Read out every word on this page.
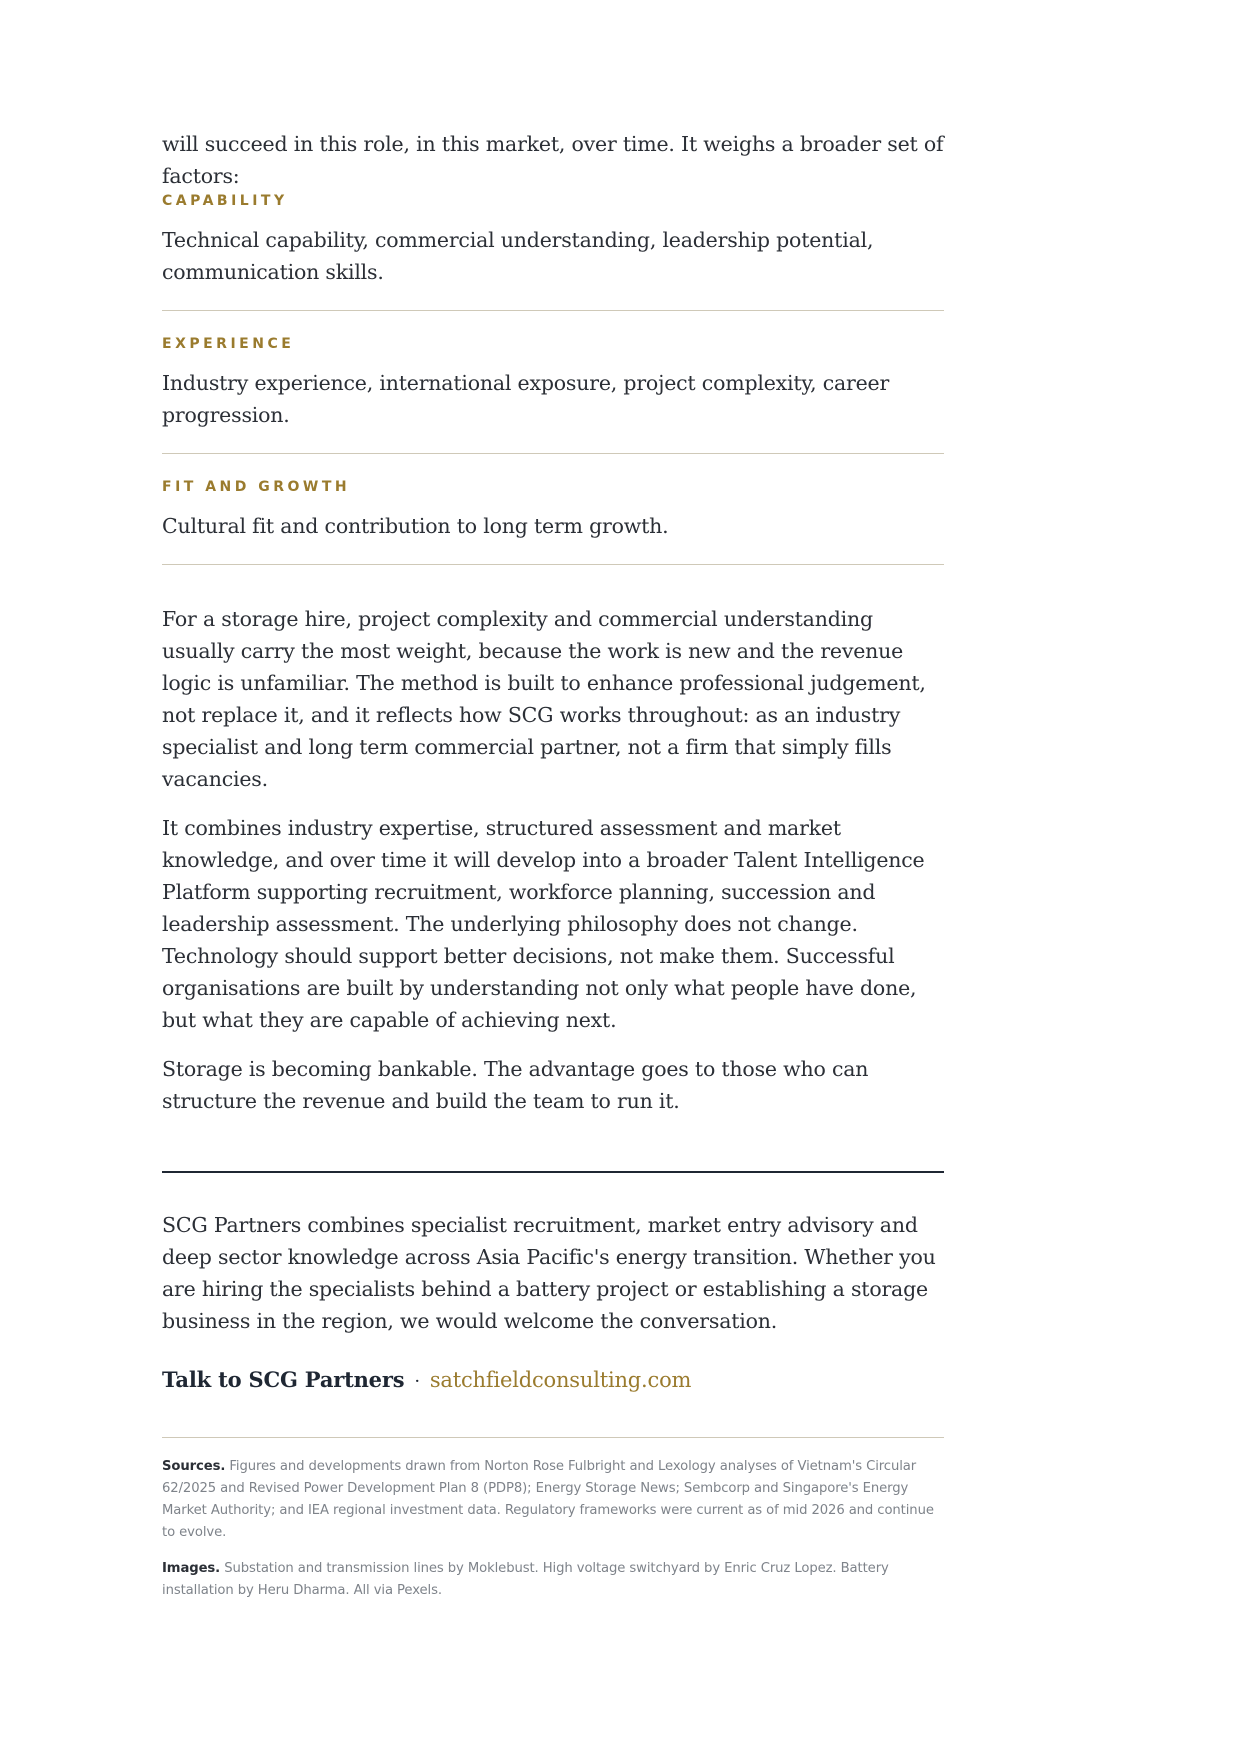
will succeed in this role, in this market, over time. It weighs a broader set of factors:

CAPABILITY

Technical capability, commercial understanding, leadership potential, communication skills.

EXPERIENCE

Industry experience, international exposure, project complexity, career progression.

FIT AND GROWTH

Cultural fit and contribution to long term growth.

For a storage hire, project complexity and commercial understanding usually carry the most weight, because the work is new and the revenue logic is unfamiliar. The method is built to enhance professional judgement, not replace it, and it reflects how SCG works throughout: as an industry specialist and long term commercial partner, not a firm that simply fills vacancies.

It combines industry expertise, structured assessment and market knowledge, and over time it will develop into a broader Talent Intelligence Platform supporting recruitment, workforce planning, succession and leadership assessment. The underlying philosophy does not change. Technology should support better decisions, not make them. Successful organisations are built by understanding not only what people have done, but what they are capable of achieving next.

Storage is becoming bankable. The advantage goes to those who can structure the revenue and build the team to run it.

SCG Partners combines specialist recruitment, market entry advisory and deep sector knowledge across Asia Pacific's energy transition. Whether you are hiring the specialists behind a battery project or establishing a storage business in the region, we would welcome the conversation.

Talk to SCG Partners · satchfieldconsulting.com

Sources. Figures and developments drawn from Norton Rose Fulbright and Lexology analyses of Vietnam's Circular 62/2025 and Revised Power Development Plan 8 (PDP8); Energy Storage News; Sembcorp and Singapore's Energy Market Authority; and IEA regional investment data. Regulatory frameworks were current as of mid 2026 and continue to evolve.

Images. Substation and transmission lines by Moklebust. High voltage switchyard by Enric Cruz Lopez. Battery installation by Heru Dharma. All via Pexels.
